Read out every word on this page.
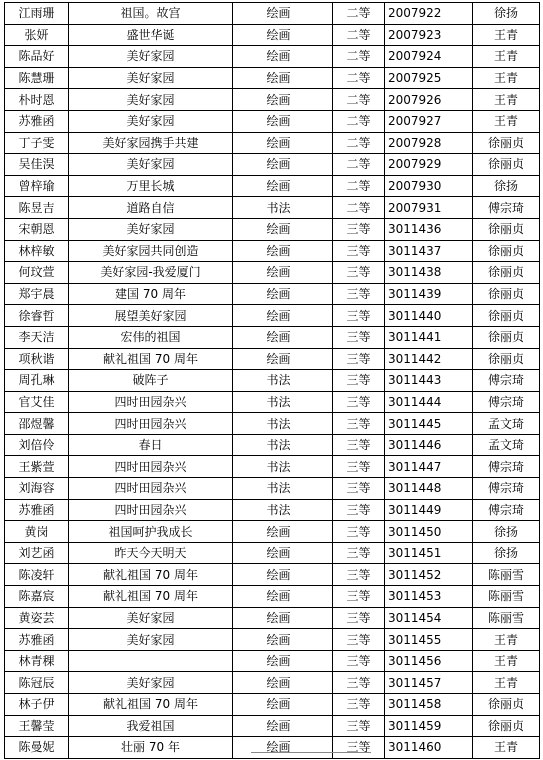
江雨珊	祖国。故宫	绘画	二等	2007922	徐扬
张妍	盛世华诞	绘画	二等	2007923	王青
陈品好	美好家园	绘画	二等	2007924	王青
陈慧珊	美好家园	绘画	二等	2007925	王青
朴时恩	美好家园	绘画	二等	2007926	王青
苏雅函	美好家园	绘画	二等	2007927	王青
丁子雯	美好家园携手共建	绘画	二等	2007928	徐丽贞
吴佳淏	美好家园	绘画	二等	2007929	徐丽贞
曾梓瑜	万里长城	绘画	二等	2007930	徐扬
陈昱吉	道路自信	书法	二等	2007931	傅宗琦
宋朝恩	美好家园	绘画	三等	3011436	徐丽贞
林梓敏	美好家园共同创造	绘画	三等	3011437	徐丽贞
何玟萱	美好家园-我爱厦门	绘画	三等	3011438	徐丽贞
郑宇晨	建国 70 周年	绘画	三等	3011439	徐丽贞
徐睿哲	展望美好家园	绘画	三等	3011440	徐丽贞
李天洁	宏伟的祖国	绘画	三等	3011441	徐丽贞
项秋谐	献礼祖国 70 周年	绘画	三等	3011442	徐丽贞
周孔琳	破阵子	书法	三等	3011443	傅宗琦
官艾佳	四时田园杂兴	书法	三等	3011444	傅宗琦
邵煜馨	四时田园杂兴	书法	三等	3011445	孟文琦
刘倍伶	春日	书法	三等	3011446	孟文琦
王紫萱	四时田园杂兴	书法	三等	3011447	傅宗琦
刘海容	四时田园杂兴	书法	三等	3011448	傅宗琦
苏雅函	四时田园杂兴	书法	三等	3011449	傅宗琦
黄岗	祖国呵护我成长	绘画	三等	3011450	徐扬
刘艺函	昨天今天明天	绘画	三等	3011451	徐扬
陈凌轩	献礼祖国 70 周年	绘画	三等	3011452	陈丽雪
陈嘉宸	献礼祖国 70 周年	绘画	三等	3011453	陈丽雪
黄姿芸	美好家园	绘画	三等	3011454	陈丽雪
苏雅函	美好家园	绘画	三等	3011455	王青
林青稞		绘画	三等	3011456	王青
陈冠辰	美好家园	绘画	三等	3011457	王青
林子伊	献礼祖国 70 周年	绘画	三等	3011458	徐丽贞
王馨莹	我爱祖国	绘画	三等	3011459	徐丽贞
陈曼妮	壮丽 70 年	绘画	三等	3011460	王青
